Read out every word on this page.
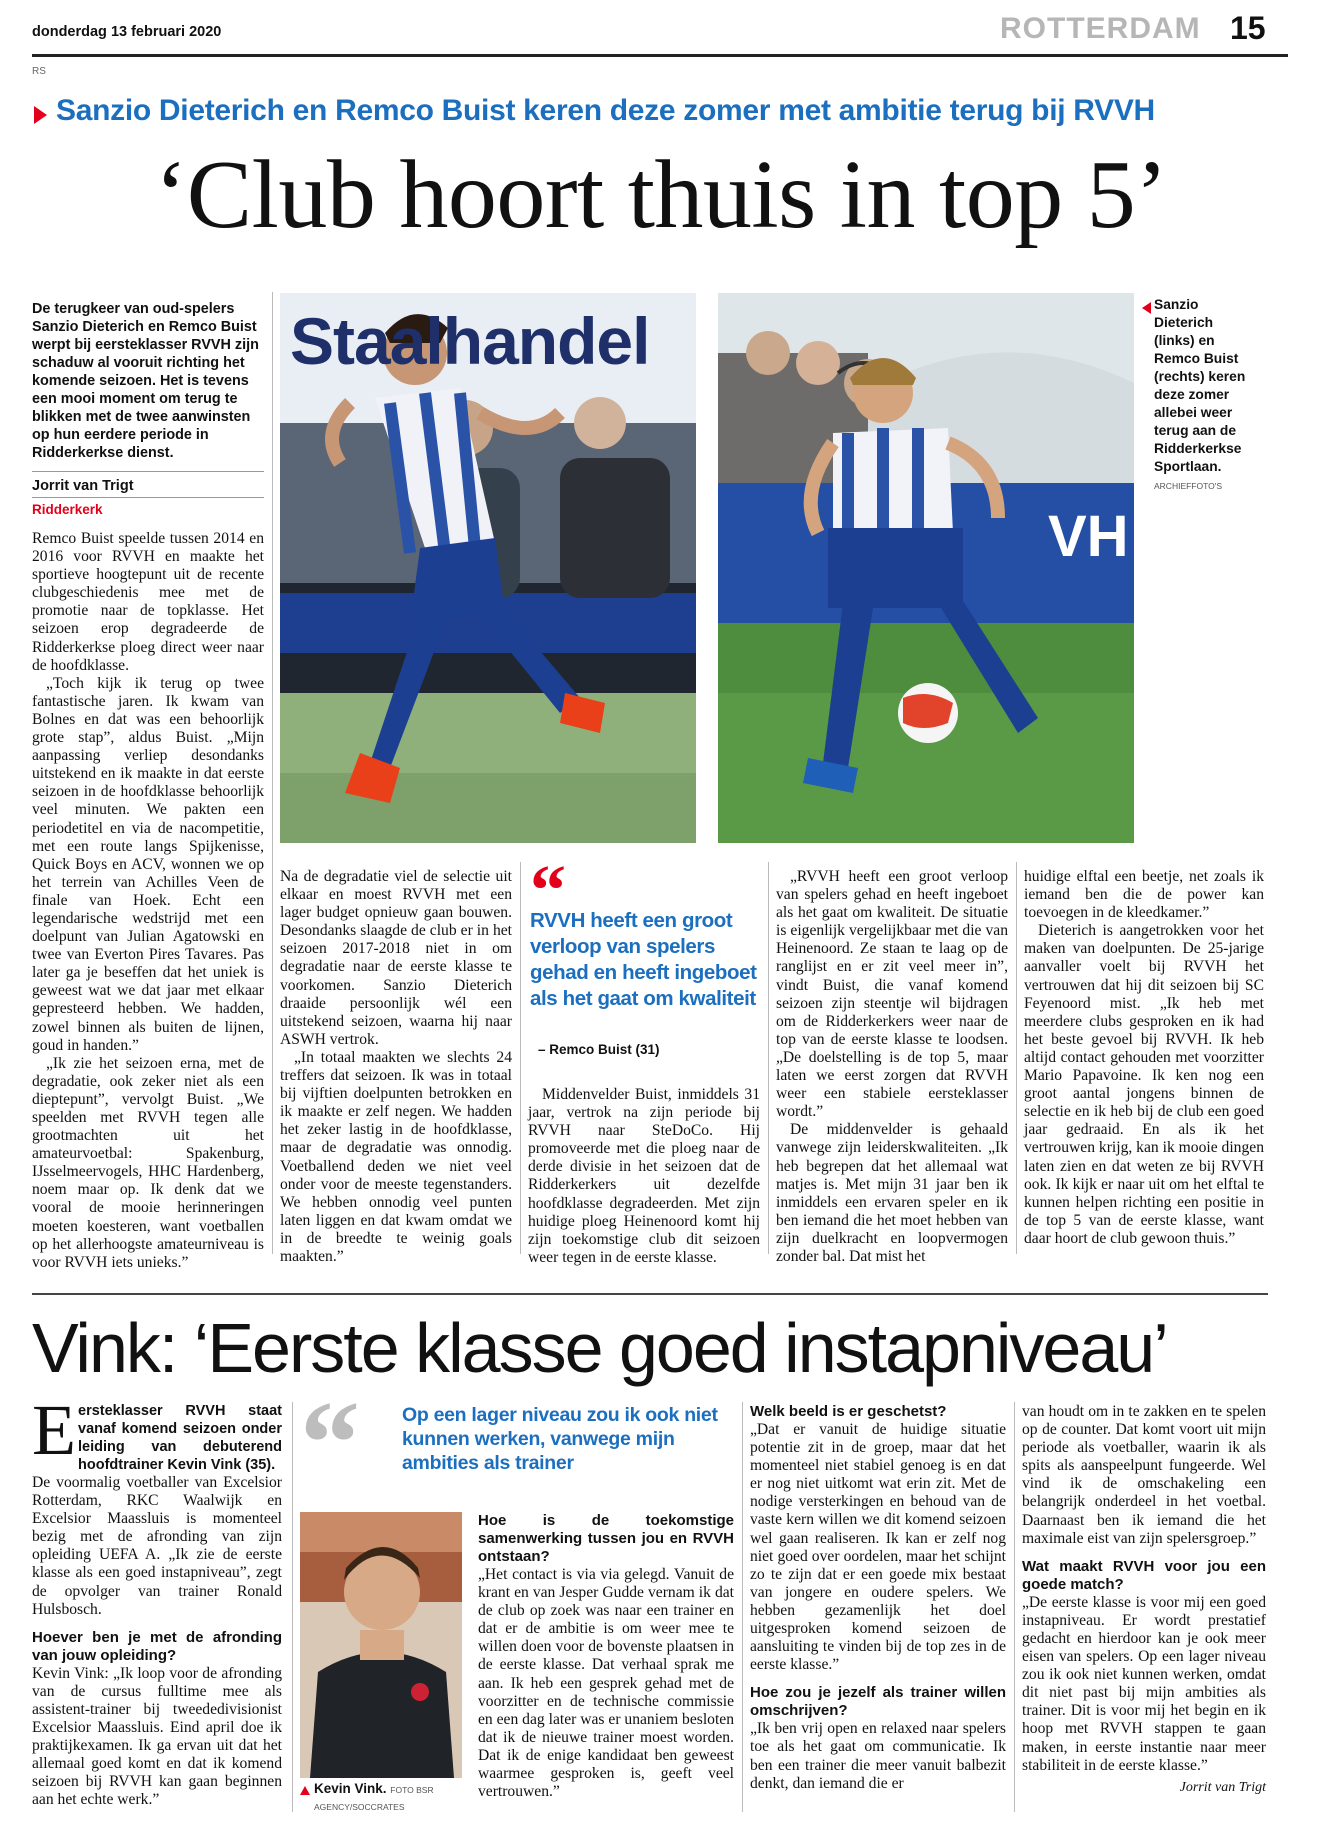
donderdag 13 februari 2020	ROTTERDAM 15
RS
Sanzio Dieterich en Remco Buist keren deze zomer met ambitie terug bij RVVH
‘Club hoort thuis in top 5’
De terugkeer van oud-spelers Sanzio Dieterich en Remco Buist werpt bij eersteklasser RVVH zijn schaduw al vooruit richting het komende seizoen. Het is tevens een mooi moment om terug te blikken met de twee aanwinsten op hun eerdere periode in Ridderkerkse dienst.
Jorrit van Trigt
Ridderkerk

Remco Buist speelde tussen 2014 en 2016 voor RVVH en maakte het sportieve hoogtepunt uit de recente clubgeschiedenis mee met de promotie naar de topklasse. Het seizoen erop degradeerde de Ridderkerkse ploeg direct weer naar de hoofdklasse.

„Toch kijk ik terug op twee fantastische jaren. Ik kwam van Bolnes en dat was een behoorlijk grote stap”, aldus Buist. „Mijn aanpassing verliep desondanks uitstekend en ik maakte in dat eerste seizoen in de hoofdklasse behoorlijk veel minuten. We pakten een periodetitel en via de nacompetitie, met een route langs Spijkenisse, Quick Boys en ACV, wonnen we op het terrein van Achilles Veen de finale van Hoek. Echt een legendarische wedstrijd met een doelpunt van Julian Agatowski en twee van Everton Pires Tavares. Pas later ga je beseffen dat het uniek is geweest wat we dat jaar met elkaar gepresteerd hebben. We hadden, zowel binnen als buiten de lijnen, goud in handen.”

„Ik zie het seizoen erna, met de degradatie, ook zeker niet als een dieptepunt”, vervolgt Buist. „We speelden met RVVH tegen alle grootmachten uit het amateurvoetbal: Spakenburg, IJsselmeervogels, HHC Hardenberg, noem maar op. Ik denk dat we vooral de mooie herinneringen moeten koesteren, want voetballen op het allerhoogste amateurniveau is voor RVVH iets unieks.”

Staalhandel
VH
Sanzio Dieterich (links) en Remco Buist (rechts) keren deze zomer allebei weer terug aan de Ridderkerkse Sportlaan. ARCHIEFFOTO'S

Na de degradatie viel de selectie uit elkaar en moest RVVH met een lager budget opnieuw gaan bouwen. Desondanks slaagde de club er in het seizoen 2017-2018 niet in om degradatie naar de eerste klasse te voorkomen. Sanzio Dieterich draaide persoonlijk wél een uitstekend seizoen, waarna hij naar ASWH vertrok.

„In totaal maakten we slechts 24 treffers dat seizoen. Ik was in totaal bij vijftien doelpunten betrokken en ik maakte er zelf negen. We hadden het zeker lastig in de hoofdklasse, maar de degradatie was onnodig. Voetballend deden we niet veel onder voor de meeste tegenstanders. We hebben onnodig veel punten laten liggen en dat kwam omdat we in de breedte te weinig goals maakten.”

“
RVVH heeft een groot verloop van spelers gehad en heeft ingeboet als het gaat om kwaliteit
– Remco Buist (31)

Middenvelder Buist, inmiddels 31 jaar, vertrok na zijn periode bij RVVH naar SteDoCo. Hij promoveerde met die ploeg naar de derde divisie in het seizoen dat de Ridderkerkers uit dezelfde hoofdklasse degradeerden. Met zijn huidige ploeg Heinenoord komt hij zijn toekomstige club dit seizoen weer tegen in de eerste klasse.

„RVVH heeft een groot verloop van spelers gehad en heeft ingeboet als het gaat om kwaliteit. De situatie is eigenlijk vergelijkbaar met die van Heinenoord. Ze staan te laag op de ranglijst en er zit veel meer in”, vindt Buist, die vanaf komend seizoen zijn steentje wil bijdragen om de Ridderkerkers weer naar de top van de eerste klasse te loodsen. „De doelstelling is de top 5, maar laten we eerst zorgen dat RVVH weer een stabiele eersteklasser wordt.”

De middenvelder is gehaald vanwege zijn leiderskwaliteiten. „Ik heb begrepen dat het allemaal wat matjes is. Met mijn 31 jaar ben ik inmiddels een ervaren speler en ik ben iemand die het moet hebben van zijn duelkracht en loopvermogen zonder bal. Dat mist het

huidige elftal een beetje, net zoals ik iemand ben die de power kan toevoegen in de kleedkamer.”

Dieterich is aangetrokken voor het maken van doelpunten. De 25-jarige aanvaller voelt bij RVVH het vertrouwen dat hij dit seizoen bij SC Feyenoord mist. „Ik heb met meerdere clubs gesproken en ik had het beste gevoel bij RVVH. Ik heb altijd contact gehouden met voorzitter Mario Papavoine. Ik ken nog een groot aantal jongens binnen de selectie en ik heb bij de club een goed jaar gedraaid. En als ik het vertrouwen krijg, kan ik mooie dingen laten zien en dat weten ze bij RVVH ook. Ik kijk er naar uit om het elftal te kunnen helpen richting een positie in de top 5 van de eerste klasse, want daar hoort de club gewoon thuis.”

Vink: ‘Eerste klasse goed instapniveau’
E ersteklasser RVVH staat vanaf komend seizoen onder leiding van debuterend hoofdtrainer Kevin Vink (35).
De voormalig voetballer van Excelsior Rotterdam, RKC Waalwijk en Excelsior Maassluis is momenteel bezig met de afronding van zijn opleiding UEFA A. „Ik zie de eerste klasse als een goed instapniveau”, zegt de opvolger van trainer Ronald Hulsbosch.

Hoever ben je met de afronding van jouw opleiding?

Kevin Vink: „Ik loop voor de afronding van de cursus fulltime mee als assistent-trainer bij tweededivisionist Excelsior Maassluis. Eind april doe ik praktijkexamen. Ik ga ervan uit dat het allemaal goed komt en dat ik komend seizoen bij RVVH kan gaan beginnen aan het echte werk.”

“ Op een lager niveau zou ik ook niet kunnen werken, vanwege mijn ambities als trainer
Kevin Vink. FOTO BSR AGENCY/SOCCRATES
Hoe is de toekomstige samenwerking tussen jou en RVVH ontstaan?

„Het contact is via via gelegd. Vanuit de krant en van Jesper Gudde vernam ik dat de club op zoek was naar een trainer en dat er de ambitie is om weer mee te willen doen voor de bovenste plaatsen in de eerste klasse. Dat verhaal sprak me aan. Ik heb een gesprek gehad met de voorzitter en de technische commissie en een dag later was er unaniem besloten dat ik de nieuwe trainer moest worden. Dat ik de enige kandidaat ben geweest waarmee gesproken is, geeft veel vertrouwen.”

Welk beeld is er geschetst?

„Dat er vanuit de huidige situatie potentie zit in de groep, maar dat het momenteel niet stabiel genoeg is en dat er nog niet uitkomt wat erin zit. Met de nodige versterkingen en behoud van de vaste kern willen we dit komend seizoen wel gaan realiseren. Ik kan er zelf nog niet goed over oordelen, maar het schijnt zo te zijn dat er een goede mix bestaat van jongere en oudere spelers. We hebben gezamenlijk het doel uitgesproken komend seizoen de aansluiting te vinden bij de top zes in de eerste klasse.”

Hoe zou je jezelf als trainer willen omschrijven?

„Ik ben vrij open en relaxed naar spelers toe als het gaat om communicatie. Ik ben een trainer die meer vanuit balbezit denkt, dan iemand die er

van houdt om in te zakken en te spelen op de counter. Dat komt voort uit mijn periode als voetballer, waarin ik als spits als aanspeelpunt fungeerde. Wel vind ik de omschakeling een belangrijk onderdeel in het voetbal. Daarnaast ben ik iemand die het maximale eist van zijn spelersgroep.”

Wat maakt RVVH voor jou een goede match?

„De eerste klasse is voor mij een goed instapniveau. Er wordt prestatief gedacht en hierdoor kan je ook meer eisen van spelers. Op een lager niveau zou ik ook niet kunnen werken, omdat dit niet past bij mijn ambities als trainer. Dit is voor mij het begin en ik hoop met RVVH stappen te gaan maken, in eerste instantie naar meer stabiliteit in de eerste klasse.”

Jorrit van Trigt
